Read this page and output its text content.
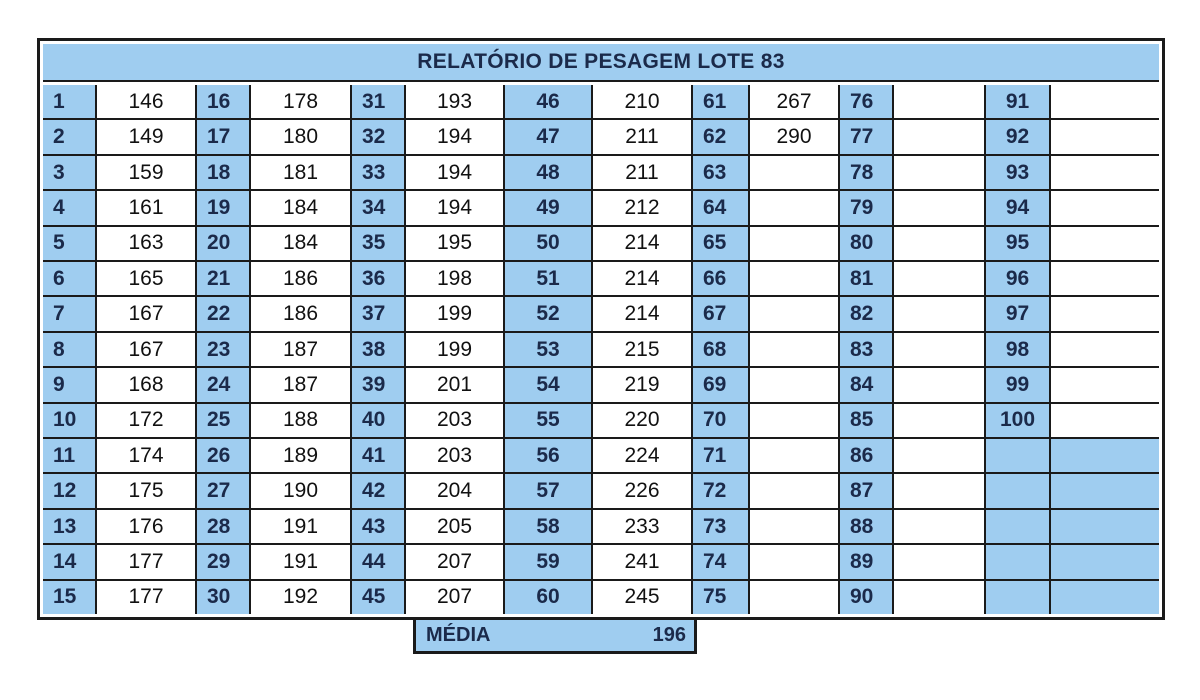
RELATÓRIO DE PESAGEM LOTE 83
1
2
3
4
5
6
7
8
9
10
11
12
13
14
15
146
149
159
161
163
165
167
167
168
172
174
175
176
177
177
16
17
18
19
20
21
22
23
24
25
26
27
28
29
30
178
180
181
184
184
186
186
187
187
188
189
190
191
191
192
31
32
33
34
35
36
37
38
39
40
41
42
43
44
45
193
194
194
194
195
198
199
199
201
203
203
204
205
207
207
46
47
48
49
50
51
52
53
54
55
56
57
58
59
60
210
211
211
212
214
214
214
215
219
220
224
226
233
241
245
61
62
63
64
65
66
67
68
69
70
71
72
73
74
75
267
290
76
77
78
79
80
81
82
83
84
85
86
87
88
89
90
91
92
93
94
95
96
97
98
99
100
MÉDIA	196
